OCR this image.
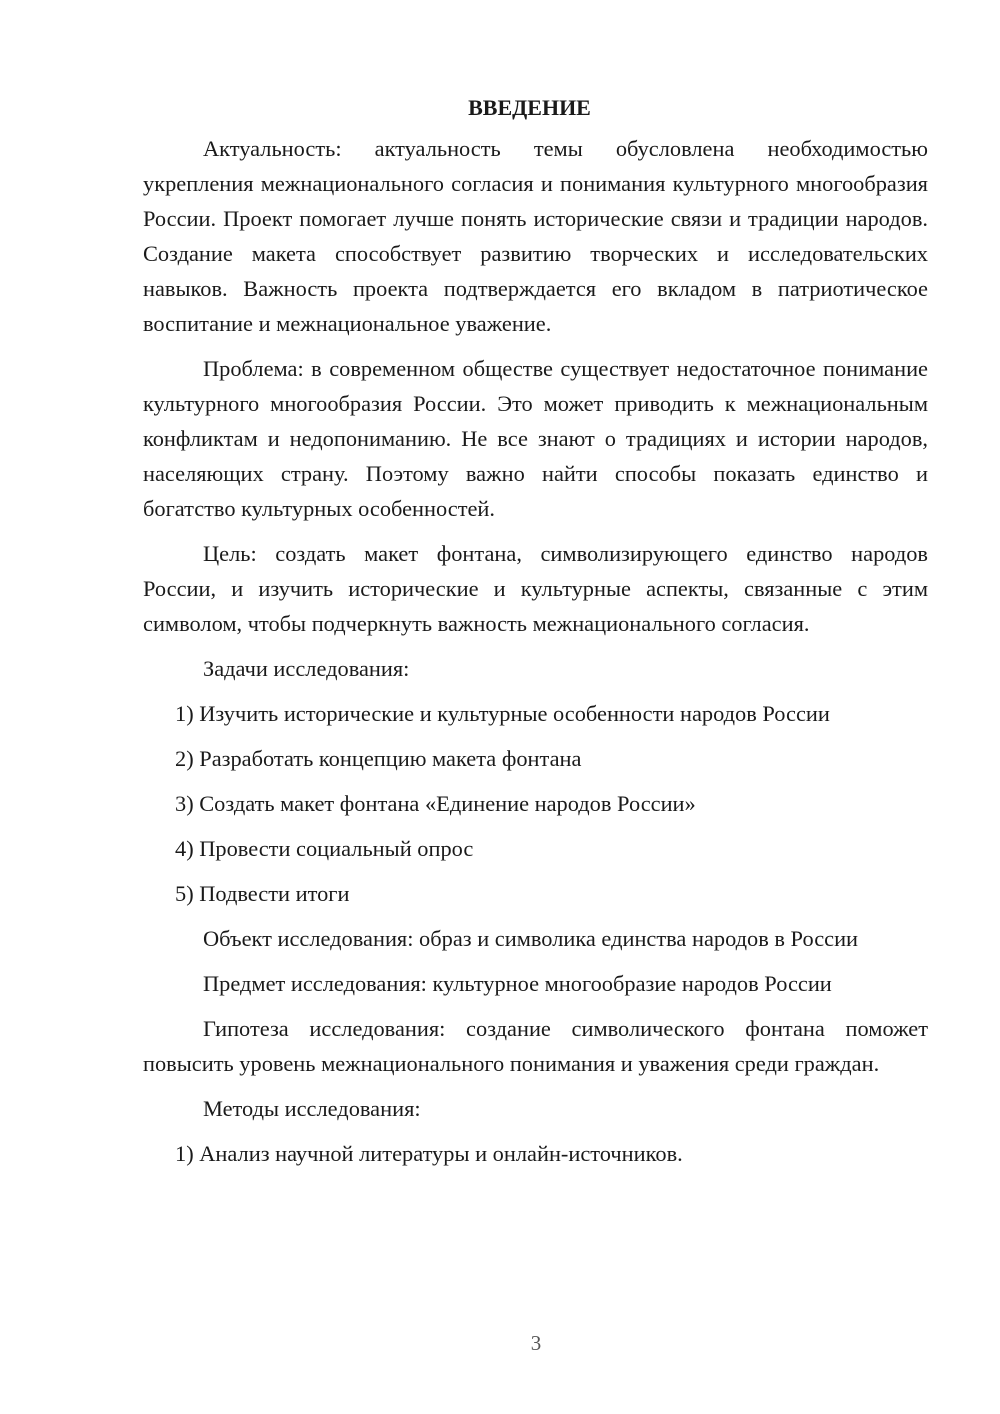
ВВЕДЕНИЕ

Актуальность: актуальность темы обусловлена необходимостью укрепления межнационального согласия и понимания культурного многообразия России. Проект помогает лучше понять исторические связи и традиции народов. Создание макета способствует развитию творческих и исследовательских навыков. Важность проекта подтверждается его вкладом в патриотическое воспитание и межнациональное уважение.

Проблема: в современном обществе существует недостаточное понимание культурного многообразия России. Это может приводить к межнациональным конфликтам и недопониманию. Не все знают о традициях и истории народов, населяющих страну. Поэтому важно найти способы показать единство и богатство культурных особенностей.

Цель: создать макет фонтана, символизирующего единство народов России, и изучить исторические и культурные аспекты, связанные с этим символом, чтобы подчеркнуть важность межнационального согласия.

Задачи исследования:

1) Изучить исторические и культурные особенности народов России

2) Разработать концепцию макета фонтана

3) Создать макет фонтана «Единение народов России»

4) Провести социальный опрос

5) Подвести итоги

Объект исследования: образ и символика единства народов в России

Предмет исследования: культурное многообразие народов России

Гипотеза исследования: создание символического фонтана поможет повысить уровень межнационального понимания и уважения среди граждан.

Методы исследования:

1) Анализ научной литературы и онлайн-источников.

3
